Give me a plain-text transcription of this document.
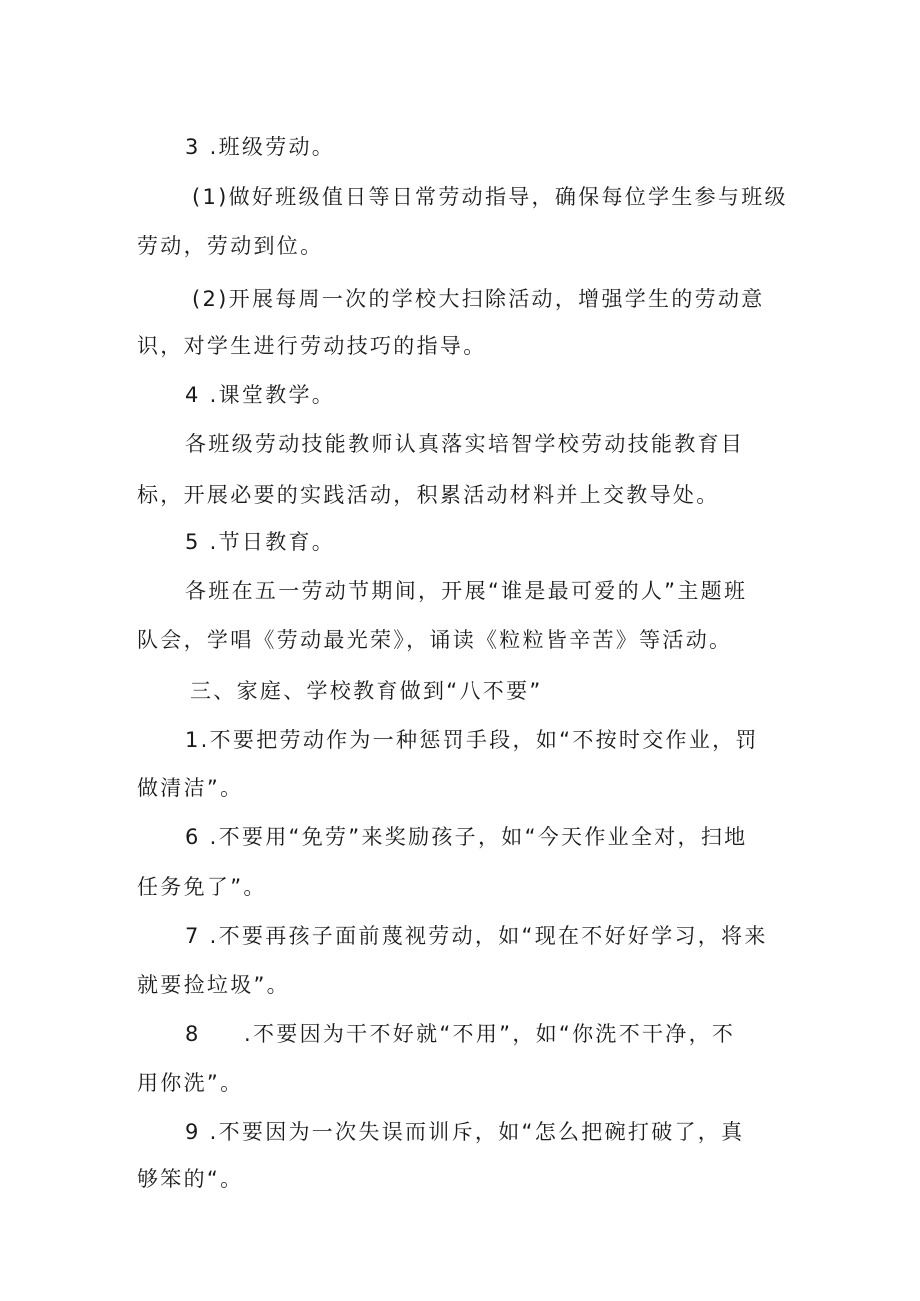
3 .班级劳动。
(1)做好班级值日等日常劳动指导，确保每位学生参与班级
劳动，劳动到位。
(2)开展每周一次的学校大扫除活动，增强学生的劳动意
识，对学生进行劳动技巧的指导。
4 .课堂教学。
各班级劳动技能教师认真落实培智学校劳动技能教育目
标，开展必要的实践活动，积累活动材料并上交教导处。
5 .节日教育。
各班在五一劳动节期间，开展“谁是最可爱的人”主题班
队会，学唱《劳动最光荣》，诵读《粒粒皆辛苦》等活动。
三、家庭、学校教育做到“八不要”
1.不要把劳动作为一种惩罚手段，如“不按时交作业，罚
做清洁”。
6 .不要用“免劳”来奖励孩子，如“今天作业全对，扫地
任务免了”。
7 .不要再孩子面前蔑视劳动，如“现在不好好学习，将来
就要捡垃圾”。
8 .不要因为干不好就“不用”，如“你洗不干净，不
用你洗”。
9 .不要因为一次失误而训斥，如“怎么把碗打破了，真
够笨的“。
